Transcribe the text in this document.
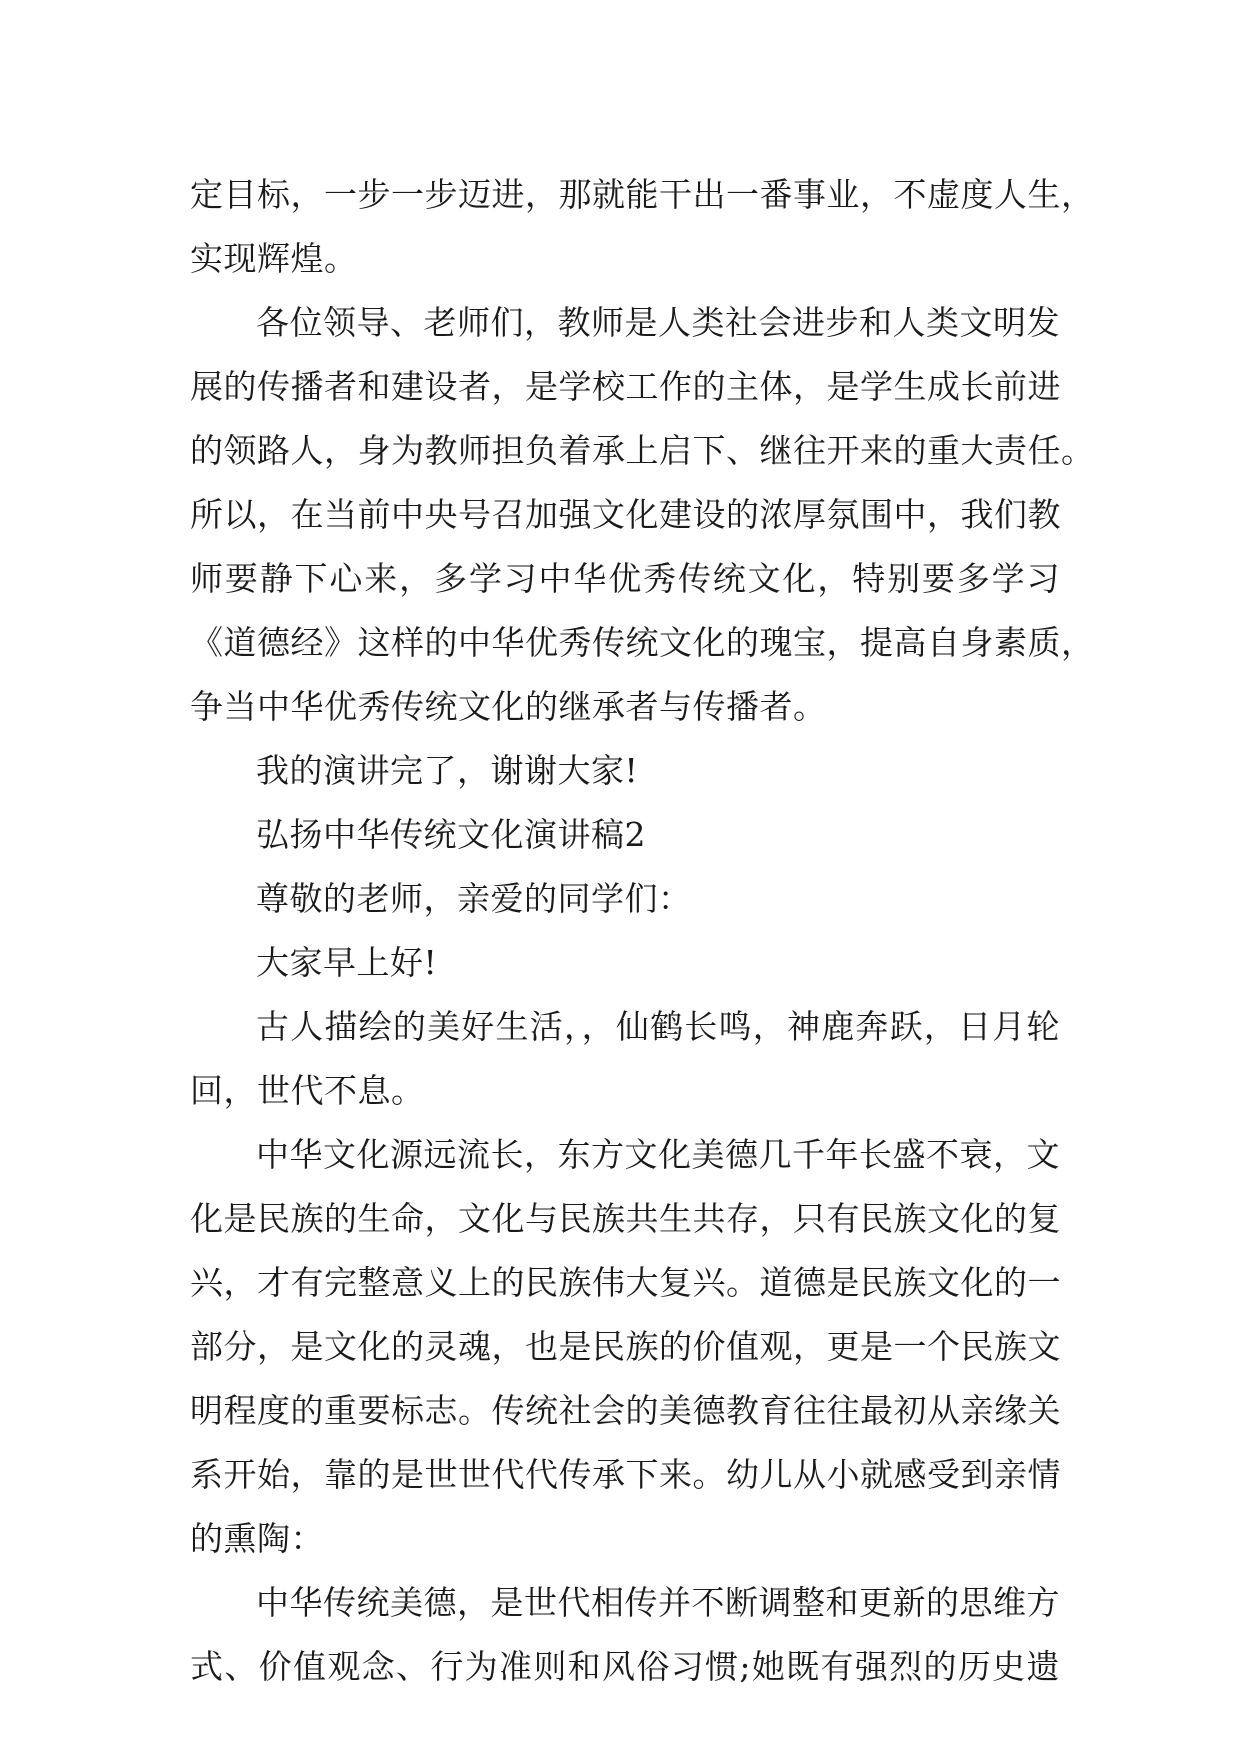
定目标，一步一步迈进，那就能干出一番事业，不虚度人生，
实现辉煌。
各位领导、老师们，教师是人类社会进步和人类文明发
展的传播者和建设者，是学校工作的主体，是学生成长前进
的领路人，身为教师担负着承上启下、继往开来的重大责任。
所以，在当前中央号召加强文化建设的浓厚氛围中，我们教
师要静下心来，多学习中华优秀传统文化，特别要多学习
《道德经》这样的中华优秀传统文化的瑰宝，提高自身素质，
争当中华优秀传统文化的继承者与传播者。
我的演讲完了，谢谢大家!
弘扬中华传统文化演讲稿2
尊敬的老师，亲爱的同学们：
大家早上好!
古人描绘的美好生活，，仙鹤长鸣，神鹿奔跃，日月轮
回，世代不息。
中华文化源远流长，东方文化美德几千年长盛不衰，文
化是民族的生命，文化与民族共生共存，只有民族文化的复
兴，才有完整意义上的民族伟大复兴。道德是民族文化的一
部分，是文化的灵魂，也是民族的价值观，更是一个民族文
明程度的重要标志。传统社会的美德教育往往最初从亲缘关
系开始，靠的是世世代代传承下来。幼儿从小就感受到亲情
的熏陶：
中华传统美德，是世代相传并不断调整和更新的思维方
式、价值观念、行为准则和风俗习惯;她既有强烈的历史遗
